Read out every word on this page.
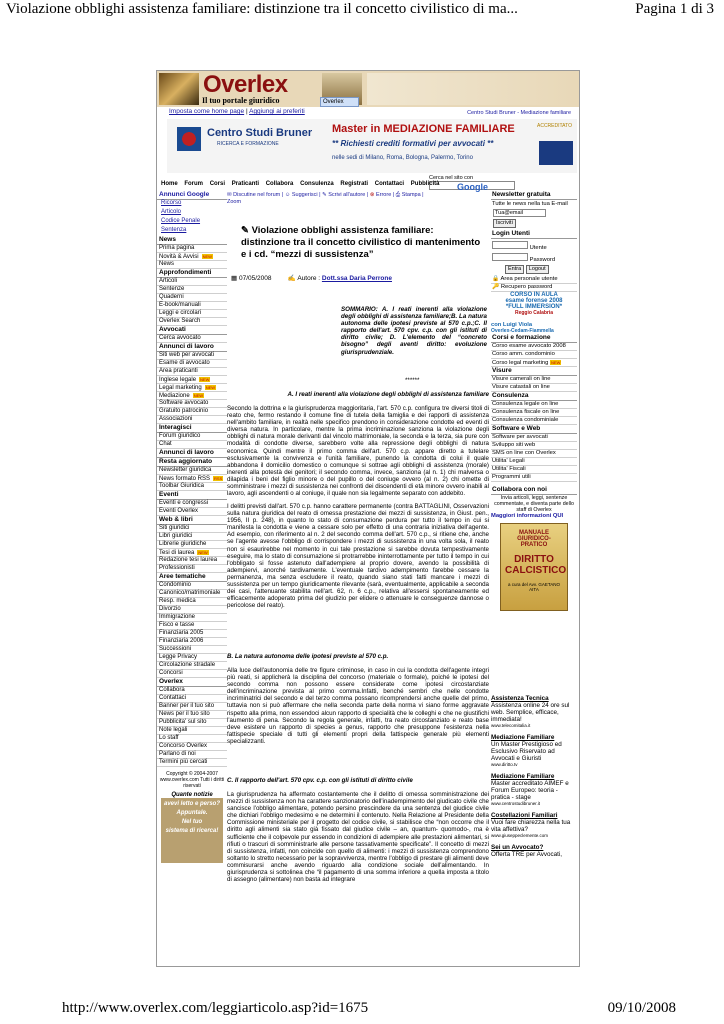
Violazione obblighi assistenza familiare: distinzione tra il concetto civilistico di ma...	Pagina 1 di 3
Overlex
Il tuo portale giuridico	Overlex
Imposta come home page | Aggiungi ai preferiti	Centro Studi Bruner - Mediazione familiare
Centro Studi Bruner
RICERCA E FORMAZIONE
Master in MEDIAZIONE FAMILIARE	ACCREDITATO
** Richiesti crediti formativi per avvocati **
nelle sedi di Milano, Roma, Bologna, Palermo, Torino
Cerca nel sito con
Home Forum Corsi Praticanti Collabora Consulenza Registrati Contattaci Pubblicità	Google
Annunci Google
Ricorso
Articolo
Codice Penale
Sentenza
News
Prima pagina
Novità & Avvisi NEW
News
Approfondimenti
Articoli
Sentenze
Quaderni
E-book/manuali
Leggi e circolari
Overlex Search
Avvocati
Cerca avvocato
Annunci di lavoro
Siti web per avvocati
Esame di avvocato
Area praticanti
Inglese legale NEW
Legal marketing NEW
Mediazione NEW
Software avvocato
Gratuito patrocinio
Associazioni
Interagisci
Forum giuridico
Chat
Annunci di lavoro
Resta aggiornato
Newsletter giuridica
News formato RSS RSS
Toolbar Giuridica
Eventi
Eventi e congressi
Eventi Overlex
Web & libri
Siti giuridici
Libri giuridici
Librerie giuridiche
Tesi di laurea NEW
Redazione tesi laurea
Professionisti
Aree tematiche
Condominio
Canonico/matrimoniale
Resp. medica
Divorzio
Immigrazione
Fisco e tasse
Finanziaria 2005
Finanziaria 2006
Successioni
Legge Privacy
Circolazione stradale
Concorsi
Overlex
Collabora
Contattaci
Banner per il tuo sito
News per il tuo sito
Pubblicita' sul sito
Note legali
Lo staff
Concorso Overlex
Parlano di noi
Termini più cercati
Copyright © 2004-2007 www.overlex.com Tutti i diritti riservati
Quante notizie
avevi letto e perso?
Appuntale.
Nel tuo
sistema di ricerca!
✉ Discutine nel forum | ☺ Suggerisci | ✎ Scrivi all'autore | ⊗ Errore | ⎙ Stampa |
Zoom
✎ Violazione obblighi assistenza familiare: distinzione tra il concetto civilistico di mantenimento e i cd. “mezzi di sussistenza”
▦ 07/05/2008	✍ Autore : Dott.ssa Daria Perrone
SOMMARIO: A. I reati inerenti alla violazione degli obblighi di assistenza familiare;B. La natura autonoma delle ipotesi previste al 570 c.p.;C. Il rapporto dell'art. 570 cpv. c.p. con gli istituti di diritto civile; D. L'elemento del “concreto bisogno” degli aventi diritto: evoluzione giurisprudenziale.
******
A. I reati inerenti alla violazione degli obblighi di assistenza familiare
Secondo la dottrina e la giurisprudenza maggioritaria, l'art. 570 c.p. configura tre diversi titoli di reato che, fermo restando il comune fine di tutela della famiglia e dei rapporti di assistenza nell'ambito familiare, in realtà nelle specifico prendono in considerazione condotte ed eventi di diversa natura. In particolare, mentre la prima incriminazione sanziona la violazione degli obblighi di natura morale derivanti dal vincolo matrimoniale, la seconda e la terza, sia pure con modalità di condotte diverse, sarebbero volte alla repressione degli obblighi di natura economica. Quindi mentre il primo comma dell'art. 570 c.p. appare diretto a tutelare esclusivamente la convivenza e l'unità familiare, punendo la condotta di colui il quale abbandona il domicilio domestico o comunque si sottrae agli obblighi di assistenza (morale) inerenti alla potestà dei genitori; il secondo comma, invece, sanziona (al n. 1) chi malversa o dilapida i beni del figlio minore o del pupillo o del coniuge ovvero (al n. 2) chi omette di somministrare i mezzi di sussistenza nei confronti dei discendenti di età minore ovvero inabili al lavoro, agli ascendenti o al coniuge, il quale non sia legalmente separato con addebito.
I delitti previsti dall'art. 570 c.p. hanno carattere permanente (contra BATTAGLINI, Osservazioni sulla natura giuridica del reato di omessa prestazione dei mezzi di sussistenza, in Giust. pen., 1956, II p. 248), in quanto lo stato di consumazione perdura per tutto il tempo in cui si manifesta la condotta e viene a cessare solo per effetto di una contraria iniziativa dell'agente. Ad esempio, con riferimento al n. 2 del secondo comma dell'art. 570 c.p., si ritiene che, anche se l'agente avesse l'obbligo di corrispondere i mezzi di sussistenza in una volta sola, il reato non si esaurirebbe nel momento in cui tale prestazione si sarebbe dovuta tempestivamente eseguire, ma lo stato di consumazione si protrarrebbe ininterrottamente per tutto il tempo in cui l'obbligato si fosse astenuto dall'adempiere al proprio dovere, avendo la possibilità di adempiervi, anorché tardivamente. L'eventuale tardivo adempimento farebbe cessare la permanenza, ma senza escludere il reato, quando siano stati fatti mancare i mezzi di sussistenza per un tempo giuridicamente rilevante (sarà, eventualmente, applicabile a seconda dei casi, l'attenuante stabilita nell'art. 62, n. 6 c.p., relativa all'essersi spontaneamente ed efficacemente adoperato prima del giudizio per elidere o attenuare le conseguenze dannose o pericolose del reato).
B. La natura autonoma delle ipotesi previste al 570 c.p.
Alla luce dell'autonomia delle tre figure criminose, in caso in cui la condotta dell'agente integri più reati, si applicherà la disciplina del concorso (materiale o formale), poiché le ipotesi del secondo comma non possono essere considerate come ipotesi circostanziate dell'incriminazione prevista al primo comma.Infatti, benché sembri che nelle condotte incriminatrici del secondo e del terzo comma possano ricomprendersi anche quelle del primo, tuttavia non si può affermare che nella seconda parte della norma vi siano forme aggravate rispetto alla prima, non essendoci alcun rapporto di specialità che le colleghi e che ne giustifichi l'aumento di pena. Secondo la regola generale, infatti, tra reato circostanziato e reato base deve esistere un rapporto di species a genus, rapporto che presuppone l'esistenza nella fattispecie speciale di tutti gli elementi propri della fattispecie generale più elementi specializzanti.
C. Il rapporto dell'art. 570 cpv. c.p. con gli istituti di diritto civile
La giurisprudenza ha affermato costantemente che il delitto di omessa somministrazione dei mezzi di sussistenza non ha carattere sanzionatorio dell'inadempimento del giudicato civile che sancisce l'obbligo alimentare, potendo persino prescindere da una sentenza del giudice civile che dichiari l'obbligo medesimo e ne determini il contenuto. Nella Relazione al Presidente della Commissione ministeriale per il progetto del codice civile, si stabilisce che “non occorre che il diritto agli alimenti sia stato già fissato dal giudice civile – an, quantum- quomodo-, ma è sufficiente che il colpevole pur essendo in condizioni di adempiere alle prestazioni alimentari, si rifiuti o trascuri di somministrarle alle persone tassativamente specificate”. Il concetto di mezzi di sussistenza, infatti, non coincide con quello di alimenti: i mezzi di sussistenza comprendono soltanto lo stretto necessario per la sopravvivenza, mentre l'obbligo di prestare gli alimenti deve commisurarsi anche avendo riguardo alla condizione sociale dell'alimentando. In giurisprudenza si sottolinea che “il pagamento di una somma inferiore a quella imposta a titolo di assegno (alimentare) non basta ad integrare
Newsletter gratuita
Tutte le news nella tua E-mail
Tua@email
Iscriviti
Login Utenti
Utente
Password
Entra Logout
🔒 Area personale utente
🔑 Recupero password
CORSO IN AULA
esame forense 2008
*FULL IMMERSION*
Reggio Calabria
con Luigi Viola
Overlex-Cedam-Fiammella
Corsi e formazione
Corso esame avvocato 2008
Corso amm. condominio
Corso legal marketing NEW
Visure
Visure camerali on line
Visure catastali on line
Consulenza
Consulenza legale on line
Consulenza fiscale on line
Consulenza condominiale
Software e Web
Software per avvocati
Sviluppo siti web
SMS on line con Overlex
Utilita' Legali
Utilita' Fiscali
Programmi utili
Collabora con noi
Invia articoli, leggi, sentenze commentate, e diventa parte dello staff di Overlex
Maggiori informazioni QUI
MANUALE GIURIDICO-PRATICO
DIRITTO CALCISTICO
a cura del Avv. GAETANO AITA
Assistenza Tecnica
Assistenza online 24 ore sul web. Semplice, efficace, immediata!
www.telecomitalia.it
Mediazione Familiare
Un Master Prestigioso ed Esclusivo Riservato ad Avvocati e Giuristi
www.diritto.tv
Mediazione Familiare
Master accreditato AIMEF e Forum Europeo: teoria - pratica - stage
www.centrostudibruner.it
Costellazioni Familiari
Vuoi fare chiarezza nella tua vita affettiva?
www.giuseppeclemente.com
Sei un Avvocato?
Offerta TRE per Avvocati,
http://www.overlex.com/leggiarticolo.asp?id=1675	09/10/2008
